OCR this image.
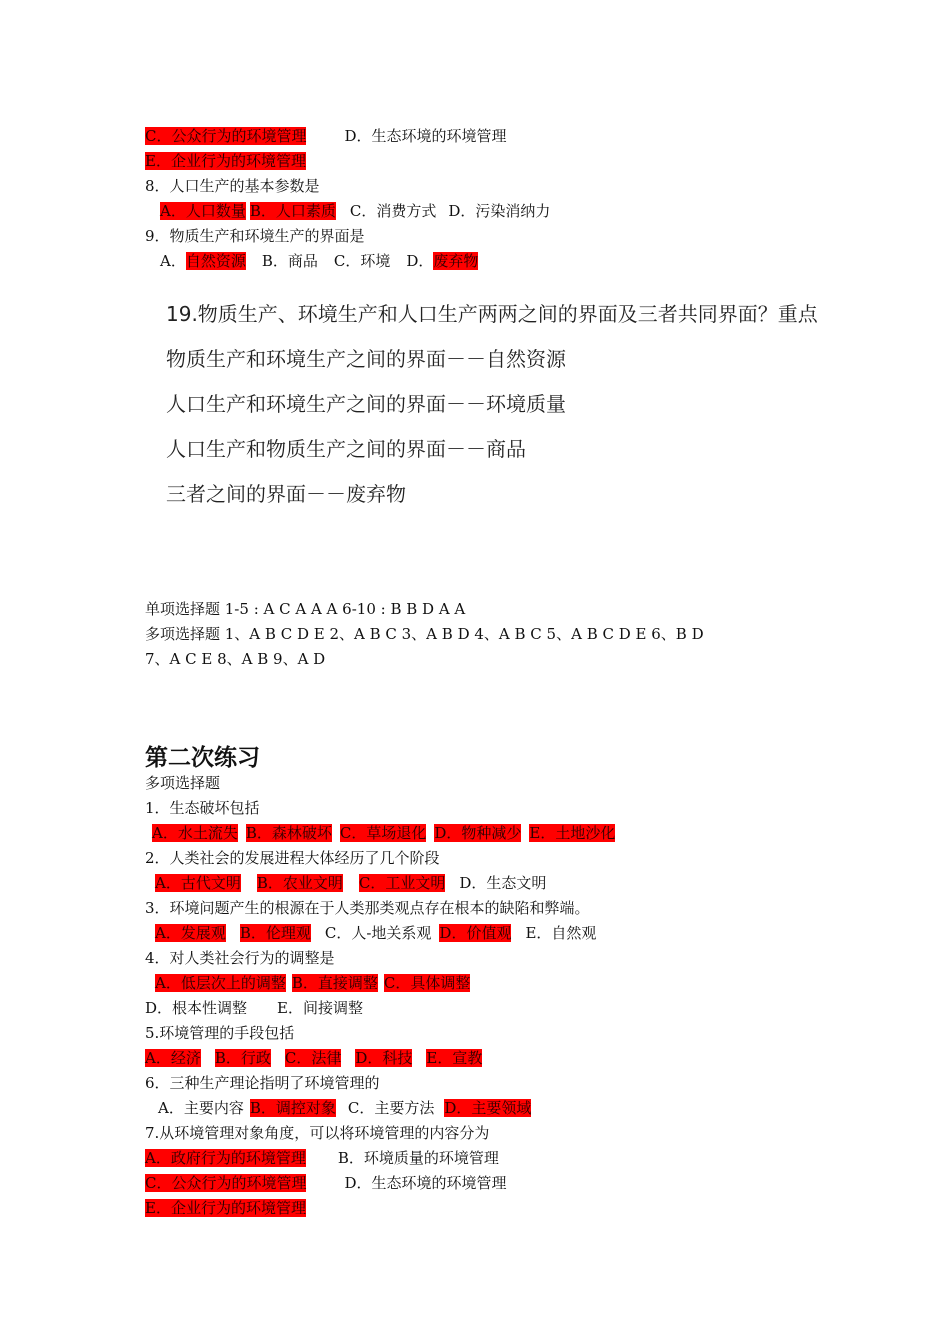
C．公众行为的环境管理	D．生态环境的环境管理
E．企业行为的环境管理
8．人口生产的基本参数是
A．人口数量 B．人口素质 C．消费方式 D．污染消纳力
9．物质生产和环境生产的界面是
A．自然资源 B．商品 C．环境 D．废弃物
19.物质生产、环境生产和人口生产两两之间的界面及三者共同界面？重点
物质生产和环境生产之间的界面－－自然资源
人口生产和环境生产之间的界面－－环境质量
人口生产和物质生产之间的界面－－商品
三者之间的界面－－废弃物
单项选择题 1-5 : A C A A A 6-10 : B B D A A
多项选择题 1、A B C D E 2、A B C 3、A B D 4、A B C 5、A B C D E 6、B D
7、A C E 8、A B 9、A D
第二次练习
多项选择题
1．生态破坏包括
A．水土流失 B．森林破坏 C．草场退化 D．物种减少 E．土地沙化
2．人类社会的发展进程大体经历了几个阶段
A．古代文明 B．农业文明 C．工业文明 D．生态文明
3．环境问题产生的根源在于人类那类观点存在根本的缺陷和弊端。
A．发展观 B．伦理观 C．人-地关系观 D．价值观 E．自然观
4．对人类社会行为的调整是
A．低层次上的调整 B．直接调整 C．具体调整
D．根本性调整 E．间接调整
5.环境管理的手段包括
A．经济 B．行政 C．法律 D．科技 E．宣教
6．三种生产理论指明了环境管理的
A．主要内容 B．调控对象 C．主要方法 D．主要领域
7.从环境管理对象角度，可以将环境管理的内容分为
A．政府行为的环境管理 B．环境质量的环境管理
C．公众行为的环境管理	D．生态环境的环境管理
E．企业行为的环境管理
